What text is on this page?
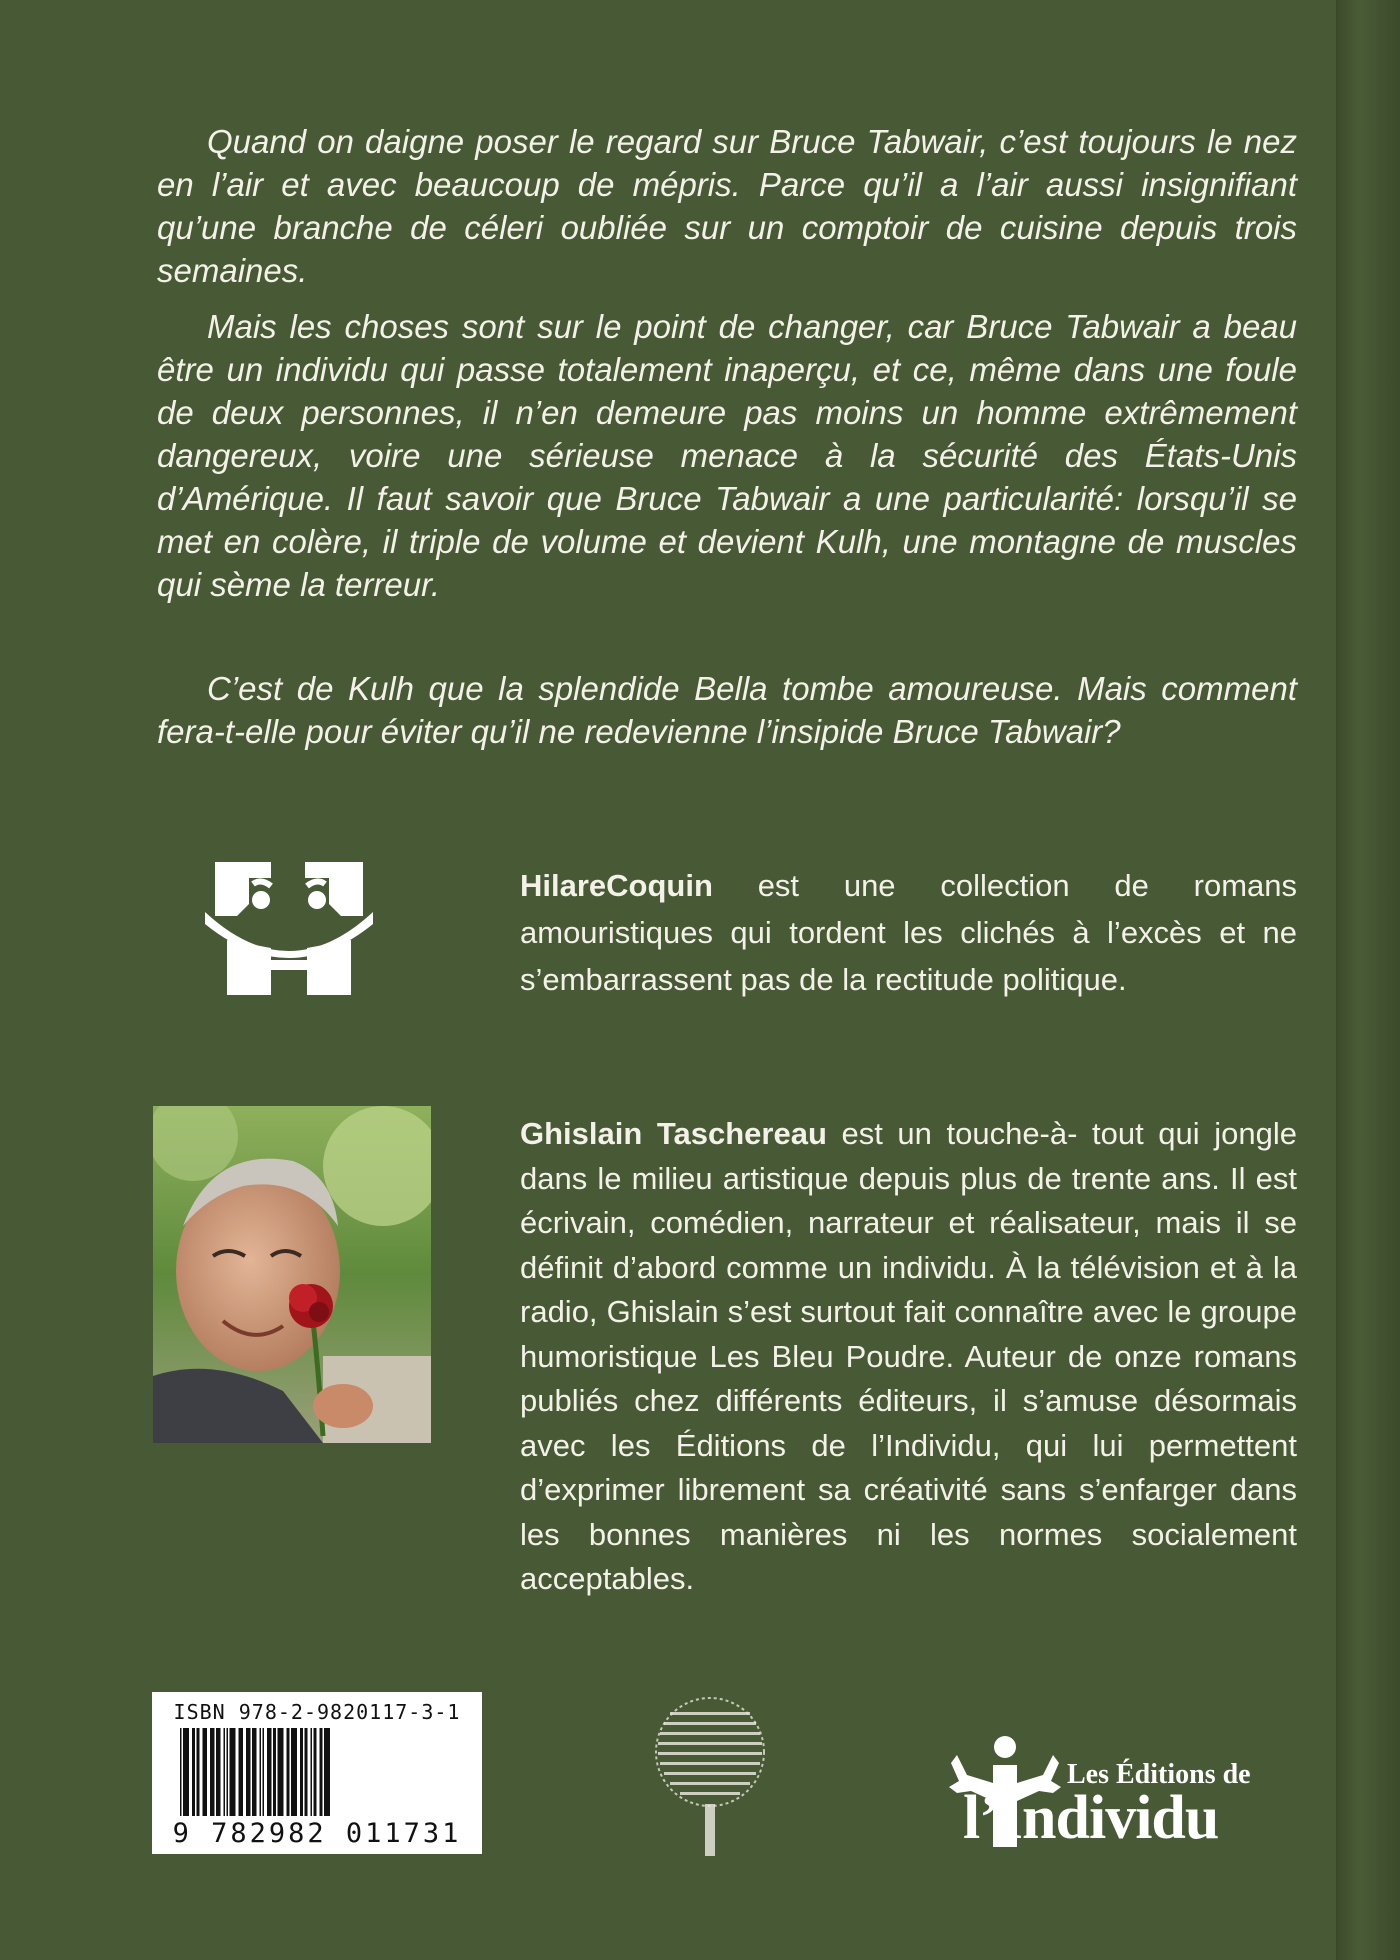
Quand on daigne poser le regard sur Bruce Tabwair, c’est toujours le nez en l’air et avec beaucoup de mépris. Parce qu’il a l’air aussi insignifiant qu’une branche de céleri oubliée sur un comptoir de cuisine depuis trois semaines.

Mais les choses sont sur le point de changer, car Bruce Tabwair a beau être un individu qui passe totalement inaperçu, et ce, même dans une foule de deux personnes, il n’en demeure pas moins un homme extrêmement dangereux, voire une sérieuse menace à la sécurité des États-Unis d’Amérique. Il faut savoir que Bruce Tabwair a une particularité: lorsqu’il se met en colère, il triple de volume et devient Kulh, une montagne de muscles qui sème la terreur.

C’est de Kulh que la splendide Bella tombe amoureuse. Mais comment fera-t-elle pour éviter qu’il ne redevienne l’insipide Bruce Tabwair?

HilareCoquin est une collection de romans amouristiques qui tordent les clichés à l’excès et ne s’embarrassent pas de la rectitude politique.

Ghislain Taschereau est un touche-à- tout qui jongle dans le milieu artistique depuis plus de trente ans. Il est écrivain, comédien, narrateur et réalisateur, mais il se définit d’abord comme un individu. À la télévision et à la radio, Ghislain s’est surtout fait connaître avec le groupe humoristique Les Bleu Poudre. Auteur de onze romans publiés chez différents éditeurs, il s’amuse désormais avec les Éditions de l’Individu, qui lui permettent d’exprimer librement sa créativité sans s’enfarger dans les bonnes manières ni les normes socialement acceptables.

ISBN 978-2-9820117-3-1
9 782982 011731
Les Éditions de
l’Individu
